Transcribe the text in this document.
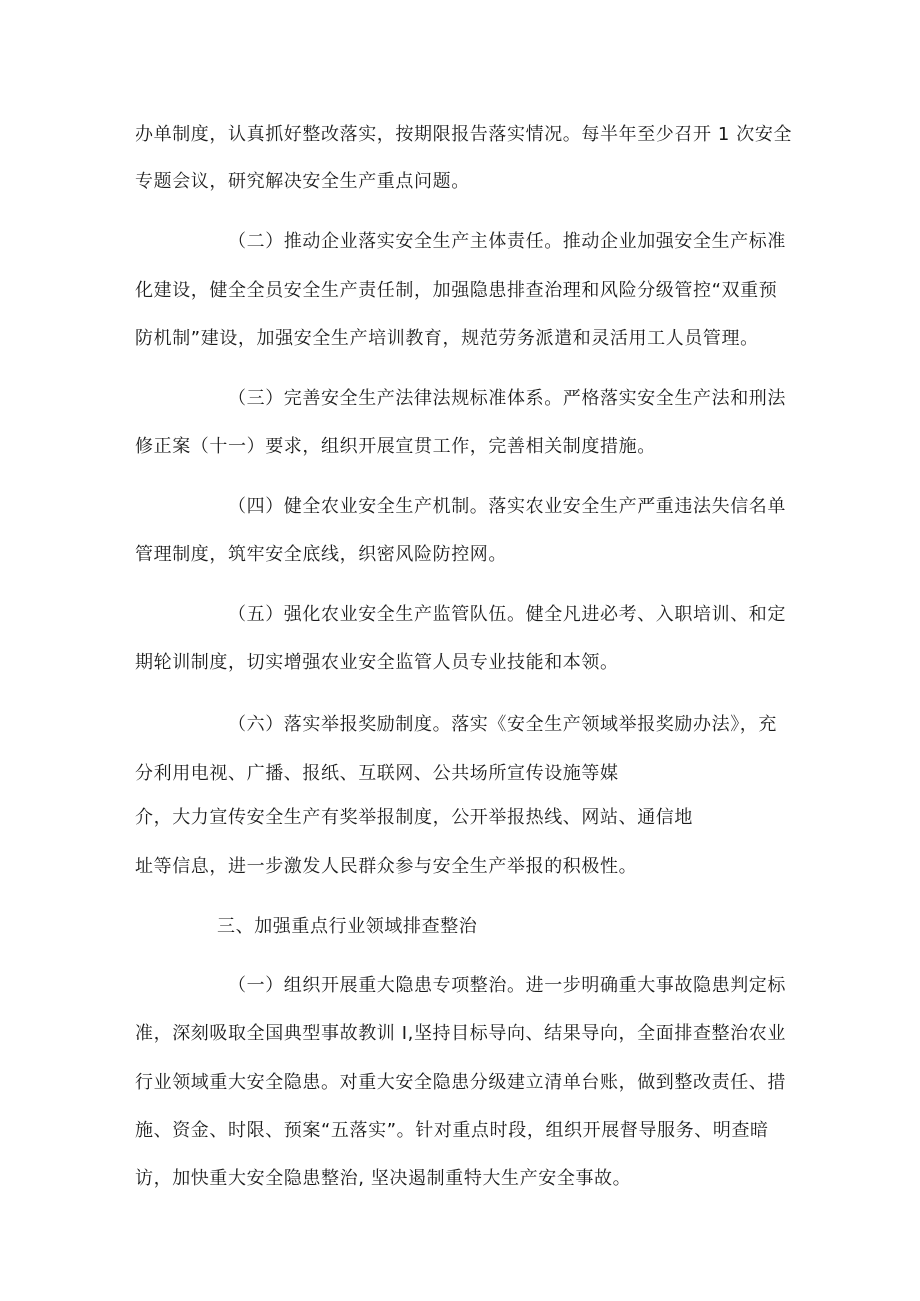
办单制度，认真抓好整改落实，按期限报告落实情况。每半年至少召开 1 次安全
专题会议，研究解决安全生产重点问题。
（二）推动企业落实安全生产主体责任。推动企业加强安全生产标准
化建设，健全全员安全生产责任制，加强隐患排查治理和风险分级管控“双重预
防机制”建设，加强安全生产培训教育，规范劳务派遣和灵活用工人员管理。
（三）完善安全生产法律法规标准体系。严格落实安全生产法和刑法
修正案（十一）要求，组织开展宣贯工作，完善相关制度措施。
（四）健全农业安全生产机制。落实农业安全生产严重违法失信名单
管理制度，筑牢安全底线，织密风险防控网。
（五）强化农业安全生产监管队伍。健全凡进必考、入职培训、和定
期轮训制度，切实增强农业安全监管人员专业技能和本领。
（六）落实举报奖励制度。落实《安全生产领域举报奖励办法》，充
分利用电视、广播、报纸、互联网、公共场所宣传设施等媒
介，大力宣传安全生产有奖举报制度，公开举报热线、网站、通信地
址等信息，进一步激发人民群众参与安全生产举报的积极性。
三、加强重点行业领域排查整治
（一）组织开展重大隐患专项整治。进一步明确重大事故隐患判定标
准，深刻吸取全国典型事故教训 I,坚持目标导向、结果导向，全面排查整治农业
行业领域重大安全隐患。对重大安全隐患分级建立清单台账，做到整改责任、措
施、资金、时限、预案“五落实”。针对重点时段，组织开展督导服务、明查暗
访，加快重大安全隐患整治, 坚决遏制重特大生产安全事故。
